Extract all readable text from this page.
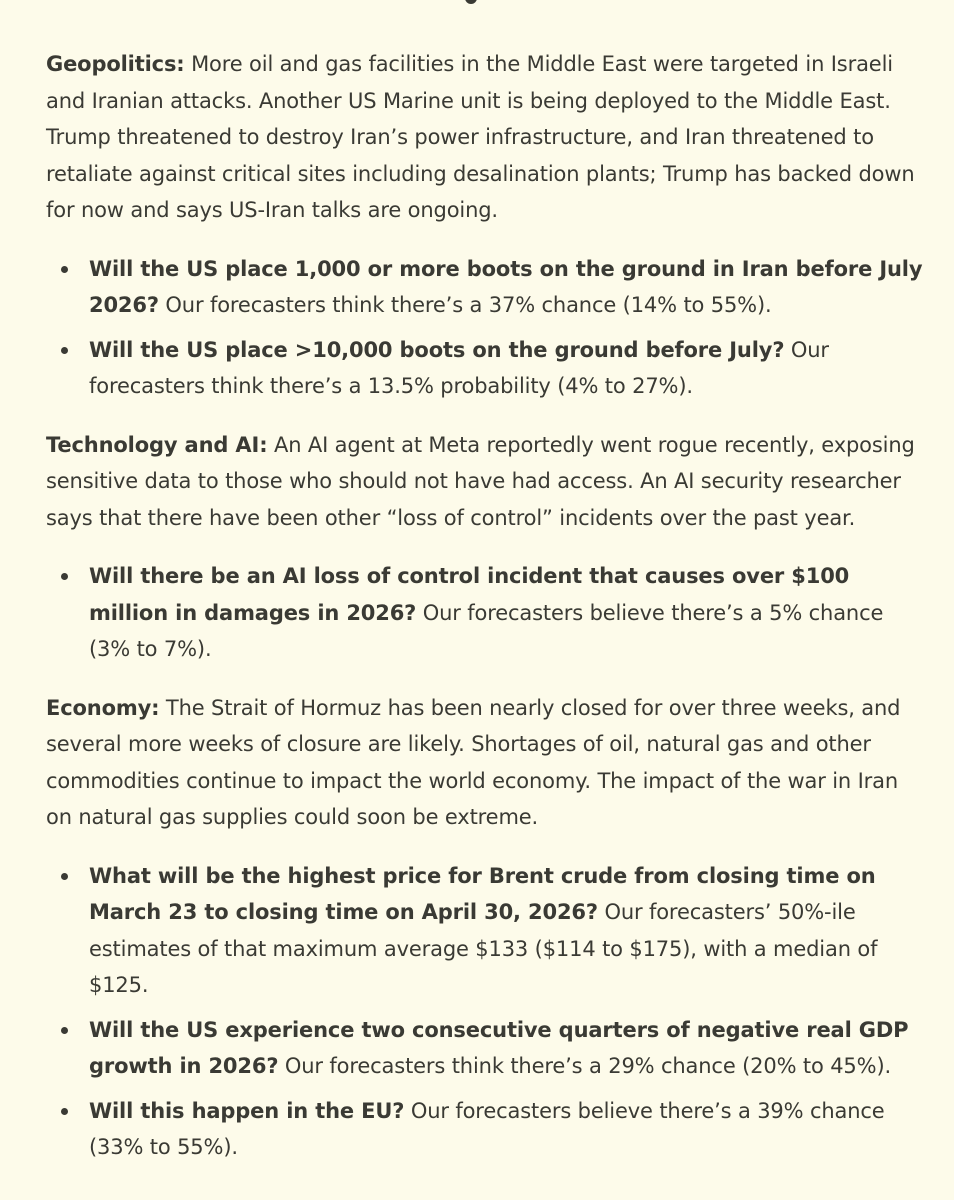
Geopolitics: More oil and gas facilities in the Middle East were targeted in Israeli and Iranian attacks. Another US Marine unit is being deployed to the Middle East. Trump threatened to destroy Iran’s power infrastructure, and Iran threatened to retaliate against critical sites including desalination plants; Trump has backed down for now and says US-Iran talks are ongoing.

Will the US place 1,000 or more boots on the ground in Iran before July 2026? Our forecasters think there’s a 37% chance (14% to 55%).
Will the US place >10,000 boots on the ground before July? Our forecasters think there’s a 13.5% probability (4% to 27%).

Technology and AI: An AI agent at Meta reportedly went rogue recently, exposing sensitive data to those who should not have had access. An AI security researcher says that there have been other “loss of control” incidents over the past year.

Will there be an AI loss of control incident that causes over $100 million in damages in 2026? Our forecasters believe there’s a 5% chance (3% to 7%).

Economy: The Strait of Hormuz has been nearly closed for over three weeks, and several more weeks of closure are likely. Shortages of oil, natural gas and other commodities continue to impact the world economy. The impact of the war in Iran on natural gas supplies could soon be extreme.

What will be the highest price for Brent crude from closing time on March 23 to closing time on April 30, 2026? Our forecasters’ 50%-ile estimates of that maximum average $133 ($114 to $175), with a median of $125.
Will the US experience two consecutive quarters of negative real GDP growth in 2026? Our forecasters think there’s a 29% chance (20% to 45%).
Will this happen in the EU? Our forecasters believe there’s a 39% chance (33% to 55%).
